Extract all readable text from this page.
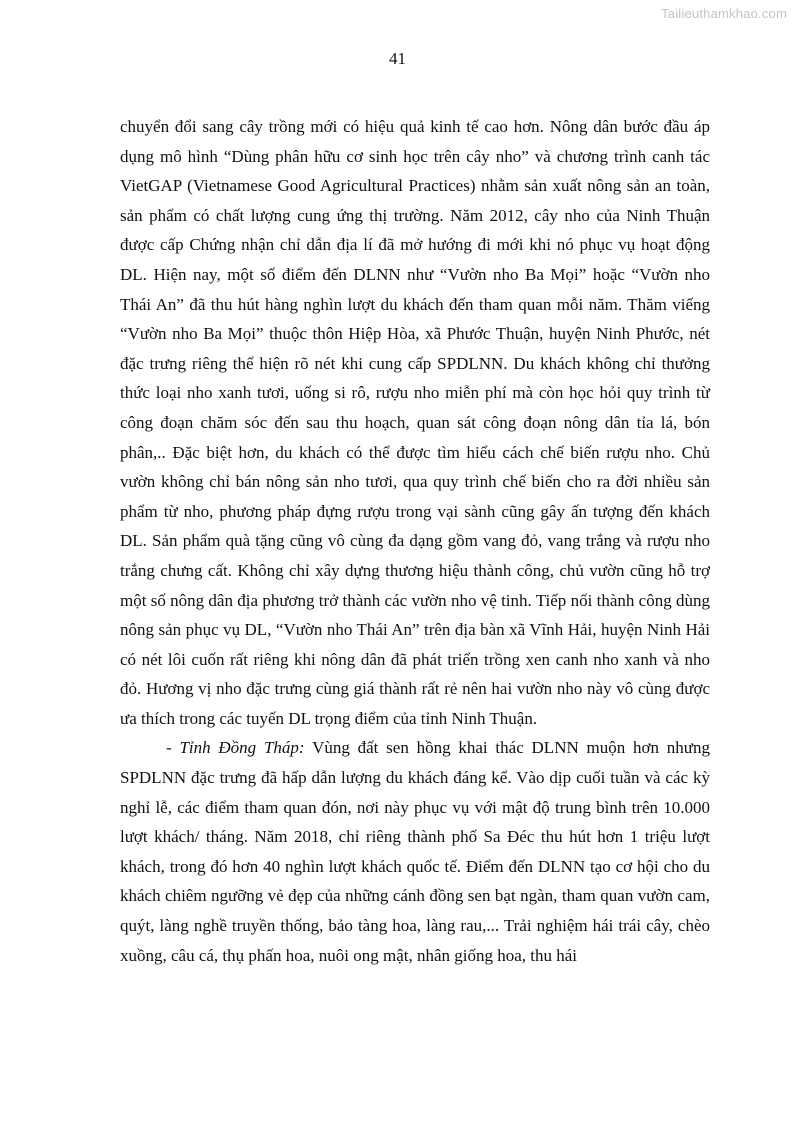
Tailieuthamkhao.com
41

chuyển đổi sang cây trồng mới có hiệu quả kinh tế cao hơn. Nông dân bước đầu áp dụng mô hình “Dùng phân hữu cơ sinh học trên cây nho” và chương trình canh tác VietGAP (Vietnamese Good Agricultural Practices) nhằm sản xuất nông sản an toàn, sản phẩm có chất lượng cung ứng thị trường. Năm 2012, cây nho của Ninh Thuận được cấp Chứng nhận chỉ dẫn địa lí đã mở hướng đi mới khi nó phục vụ hoạt động DL. Hiện nay, một số điểm đến DLNN như “Vườn nho Ba Mọi” hoặc “Vườn nho Thái An” đã thu hút hàng nghìn lượt du khách đến tham quan mỗi năm. Thăm viếng “Vườn nho Ba Mọi” thuộc thôn Hiệp Hòa, xã Phước Thuận, huyện Ninh Phước, nét đặc trưng riêng thể hiện rõ nét khi cung cấp SPDLNN. Du khách không chỉ thưởng thức loại nho xanh tươi, uống si rô, rượu nho miễn phí mà còn học hỏi quy trình từ công đoạn chăm sóc đến sau thu hoạch, quan sát công đoạn nông dân tỉa lá, bón phân,.. Đặc biệt hơn, du khách có thể được tìm hiểu cách chế biến rượu nho. Chủ vườn không chỉ bán nông sản nho tươi, qua quy trình chế biến cho ra đời nhiều sản phẩm từ nho, phương pháp đựng rượu trong vại sành cũng gây ấn tượng đến khách DL. Sản phẩm quà tặng cũng vô cùng đa dạng gồm vang đỏ, vang trắng và rượu nho trắng chưng cất. Không chỉ xây dựng thương hiệu thành công, chủ vườn cũng hỗ trợ một số nông dân địa phương trở thành các vườn nho vệ tinh. Tiếp nối thành công dùng nông sản phục vụ DL, “Vườn nho Thái An” trên địa bàn xã Vĩnh Hải, huyện Ninh Hải có nét lôi cuốn rất riêng khi nông dân đã phát triển trồng xen canh nho xanh và nho đỏ. Hương vị nho đặc trưng cùng giá thành rất rẻ nên hai vườn nho này vô cùng được ưa thích trong các tuyến DL trọng điểm của tỉnh Ninh Thuận.

- Tỉnh Đồng Tháp: Vùng đất sen hồng khai thác DLNN muộn hơn nhưng SPDLNN đặc trưng đã hấp dẫn lượng du khách đáng kể. Vào dịp cuối tuần và các kỳ nghỉ lễ, các điểm tham quan đón, nơi này phục vụ với mật độ trung bình trên 10.000 lượt khách/ tháng. Năm 2018, chỉ riêng thành phố Sa Đéc thu hút hơn 1 triệu lượt khách, trong đó hơn 40 nghìn lượt khách quốc tế. Điểm đến DLNN tạo cơ hội cho du khách chiêm ngưỡng vẻ đẹp của những cánh đồng sen bạt ngàn, tham quan vườn cam, quýt, làng nghề truyền thống, bảo tàng hoa, làng rau,... Trải nghiệm hái trái cây, chèo xuồng, câu cá, thụ phấn hoa, nuôi ong mật, nhân giống hoa, thu hái
